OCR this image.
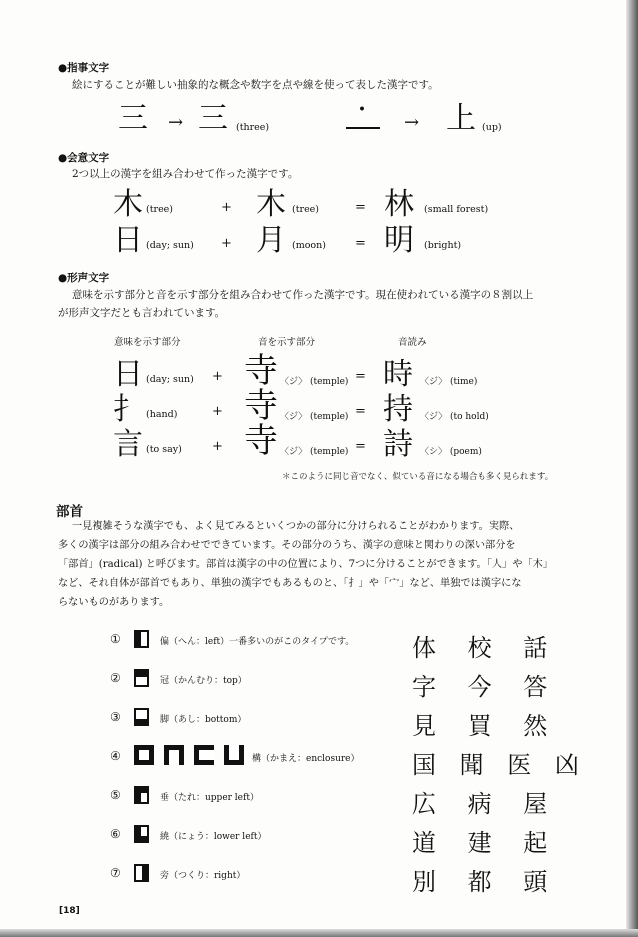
●指事文字
絵にすることが難しい抽象的な概念や数字を点や線を使って表した漢字です。
三 → 三 (three)
・ → 上 (up)
●会意文字
2つ以上の漢字を組み合わせて作った漢字です。
木 (tree)	+ 木 (tree)	= 林 (small forest)
日 (day; sun) + 月 (moon) = 明 (bright)
●形声文字
意味を示す部分と音を示す部分を組み合わせて作った漢字です。現在使われている漢字の８割以上
が形声文字だとも言われています。
意味を示す部分	音を示す部分	音読み
日 (day; sun) + 寺 〈ジ〉 (temple) = 時 〈ジ〉 (time)
扌 (hand)	+ 寺 〈ジ〉 (temple) = 持 〈ジ〉 (to hold)
言 (to say) + 寺 〈ジ〉 (temple) = 詩 〈シ〉 (poem)
＊このように同じ音でなく、似ている音になる場合も多く見られます。
部首
一見複雑そうな漢字でも、よく見てみるといくつかの部分に分けられることがわかります。実際、
多くの漢字は部分の組み合わせでできています。その部分のうち、漢字の意味と関わりの深い部分を
「部首」(radical) と呼びます。部首は漢字の中の位置により、7つに分けることができます。「人」や「木」
など、それ自体が部首でもあり、単独の漢字でもあるものと、「扌」や「宀」など、単独では漢字にな
らないものがあります。
①	偏（へん：left）一番多いのがこのタイプです。 体 校 話
②	冠（かんむり：top）	字 今 答
③	脚（あし：bottom）	見 買 然
④	構（かまえ：enclosure） 国 聞 医 凶
⑤	垂（たれ：upper left）	広 病 屋
⑥	繞（にょう：lower left）	道 建 起
⑦	旁（つくり：right）	別 都 頭
[18]
